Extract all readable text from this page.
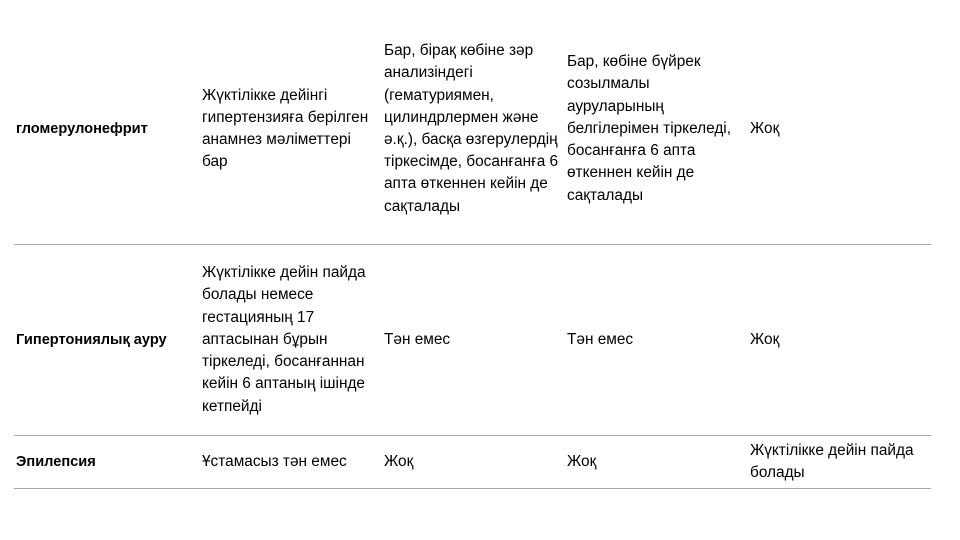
гломерулонефрит	Жүктілікке дейінгі гипертензияға берілген анамнез мәліметтері бар	Бар, бірақ көбіне зәр анализіндегі (гематуриямен, цилиндрлермен және ә.қ.), басқа өзгерулердің тіркесімде, босанғанға 6 апта өткеннен кейін де сақталады	Бар, көбіне бүйрек созылмалы ауруларының белгілерімен тіркеледі, босанғанға 6 апта өткеннен кейін де сақталады	Жоқ
Гипертониялық ауру	Жүктілікке дейін пайда болады немесе гестацияның 17 аптасынан бұрын тіркеледі, босанғаннан кейін 6 аптаның ішінде кетпейді	Тән емес	Тән емес	Жоқ
Эпилепсия	Ұстамасыз тән емес	Жоқ	Жоқ	Жүктілікке дейін пайда болады
